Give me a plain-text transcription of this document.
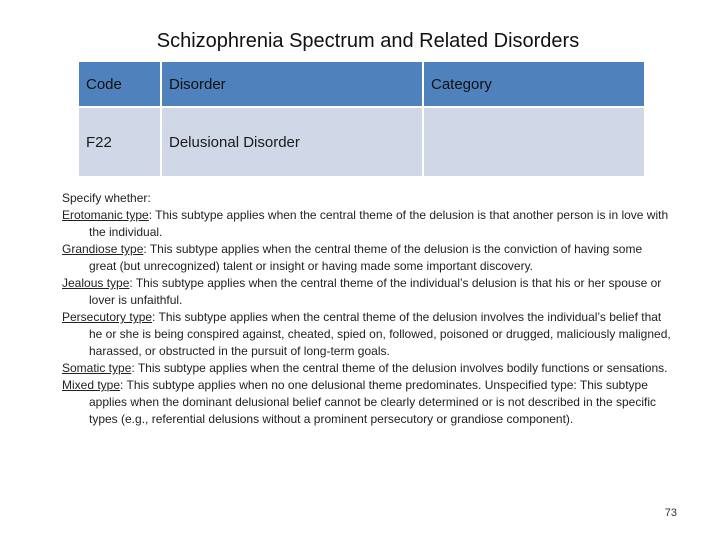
Schizophrenia Spectrum and Related Disorders
Code	Disorder	Category
F22	Delusional Disorder	

Specify whether:

Erotomanic type: This subtype applies when the central theme of the delusion is that another person is in love with the individual.

Grandiose type: This subtype applies when the central theme of the delusion is the conviction of having some great (but unrecognized) talent or insight or having made some important discovery.

Jealous type: This subtype applies when the central theme of the individual’s delusion is that his or her spouse or lover is unfaithful.

Persecutory type: This subtype applies when the central theme of the delusion involves the individual’s belief that he or she is being conspired against, cheated, spied on, followed, poisoned or drugged, maliciously maligned, harassed, or obstructed in the pursuit of long-term goals.

Somatic type: This subtype applies when the central theme of the delusion involves bodily functions or sensations.

Mixed type: This subtype applies when no one delusional theme predominates. Unspecified type: This subtype applies when the dominant delusional belief cannot be clearly determined or is not described in the specific types (e.g., referential delusions without a prominent persecutory or grandiose component).

73
